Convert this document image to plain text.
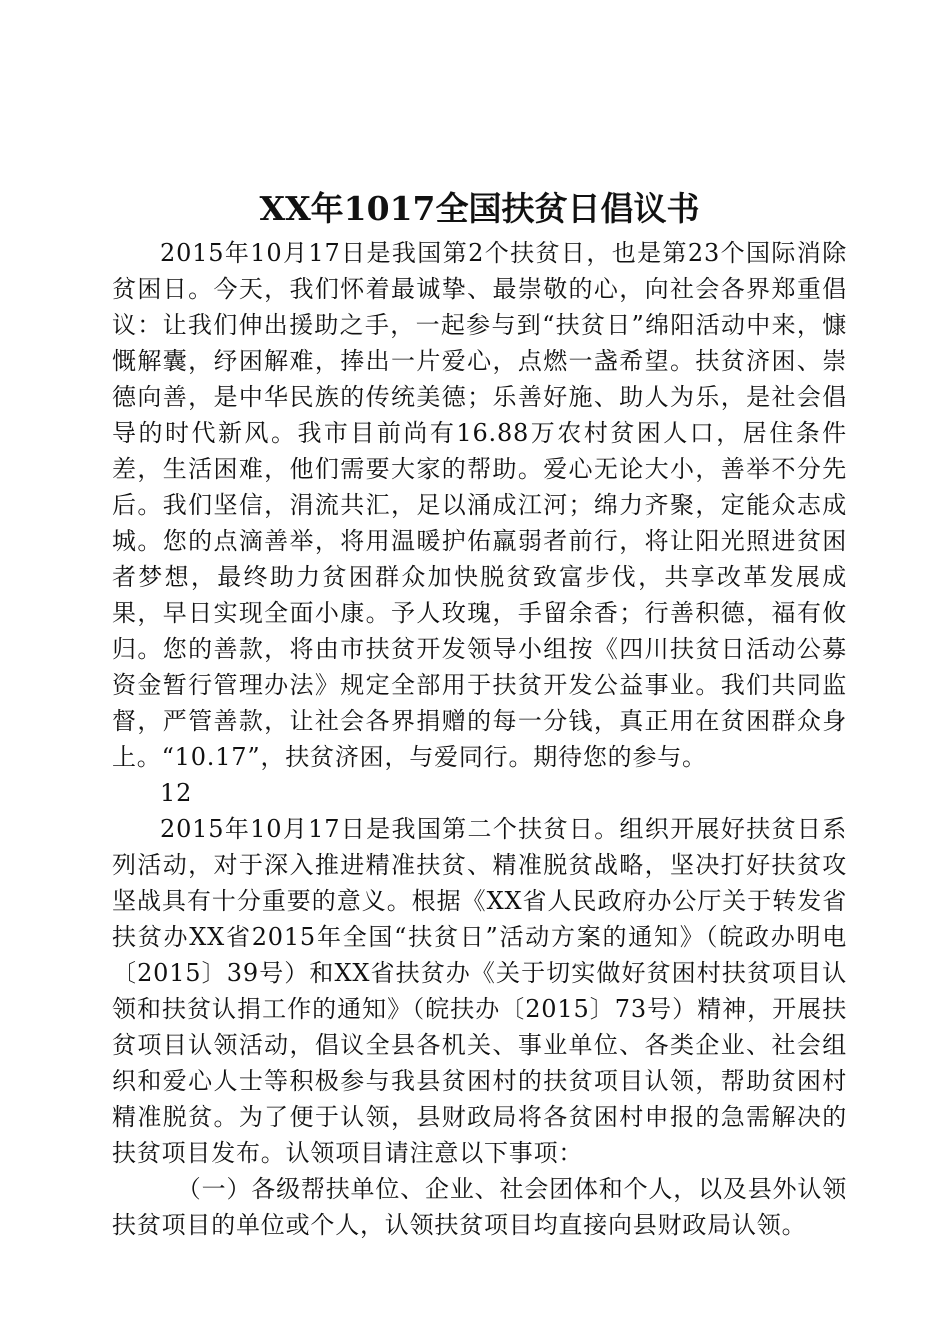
XX年1017全国扶贫日倡议书

2015年10月17日是我国第2个扶贫日，也是第23个国际消除贫困日。今天，我们怀着最诚挚、最崇敬的心，向社会各界郑重倡议：让我们伸出援助之手，一起参与到“扶贫日”绵阳活动中来，慷慨解囊，纾困解难，捧出一片爱心，点燃一盏希望。扶贫济困、崇德向善，是中华民族的传统美德；乐善好施、助人为乐，是社会倡导的时代新风。我市目前尚有16.88万农村贫困人口，居住条件差，生活困难，他们需要大家的帮助。爱心无论大小，善举不分先后。我们坚信，涓流共汇，足以涌成江河；绵力齐聚，定能众志成城。您的点滴善举，将用温暖护佑羸弱者前行，将让阳光照进贫困者梦想，最终助力贫困群众加快脱贫致富步伐，共享改革发展成果，早日实现全面小康。予人玫瑰，手留余香；行善积德，福有攸归。您的善款，将由市扶贫开发领导小组按《四川扶贫日活动公募资金暂行管理办法》规定全部用于扶贫开发公益事业。我们共同监督，严管善款，让社会各界捐赠的每一分钱，真正用在贫困群众身上。“10.17”，扶贫济困，与爱同行。期待您的参与。

12

2015年10月17日是我国第二个扶贫日。组织开展好扶贫日系列活动，对于深入推进精准扶贫、精准脱贫战略，坚决打好扶贫攻坚战具有十分重要的意义。根据《XX省人民政府办公厅关于转发省扶贫办XX省2015年全国“扶贫日”活动方案的通知》（皖政办明电〔2015〕39号）和XX省扶贫办《关于切实做好贫困村扶贫项目认领和扶贫认捐工作的通知》（皖扶办〔2015〕73号）精神，开展扶贫项目认领活动，倡议全县各机关、事业单位、各类企业、社会组织和爱心人士等积极参与我县贫困村的扶贫项目认领，帮助贫困村精准脱贫。为了便于认领，县财政局将各贫困村申报的急需解决的扶贫项目发布。认领项目请注意以下事项：

（一）各级帮扶单位、企业、社会团体和个人，以及县外认领扶贫项目的单位或个人，认领扶贫项目均直接向县财政局认领。
